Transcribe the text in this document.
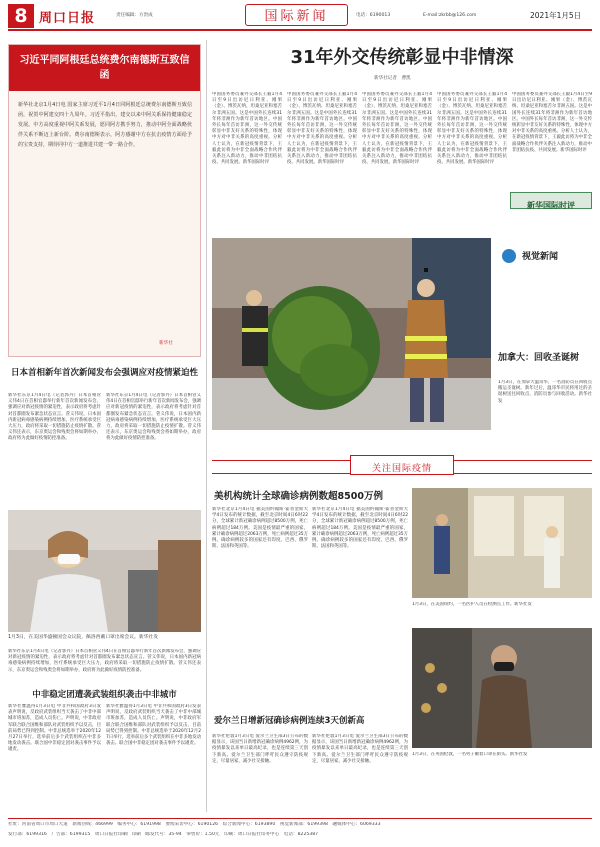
8 周口日报	责任编辑：方贵成	国际新闻	电话：6190013	E-mail:zkrbb@126.com	2021年1月5日
习近平同阿根廷总统费尔南德斯互致信函
新华社北京1月4日电 国家主席习近平1月4日同阿根廷总统费尔南德斯互致信函，祝贺中阿建交四十九周年。习近平指出，建交以来中阿关系保持健康稳定发展。中方高度重视中阿关系发展，愿同阿方携手努力，推动中阿全面战略伙伴关系不断迈上新台阶。费尔南德斯表示，阿方感谢中方在抗击疫情方面给予的宝贵支持，期待同中方一道推进共建一带一路合作。
新华社
日本首相新年首次新闻发布会强调应对疫情紧迫性
新华社东京1月4日电（记者郭丹）日本首相菅义伟4日在首相官邸举行新年首次新闻发布会，强调应对新冠疫情的紧迫性，表示政府将考虑针对首都圈发布紧急状态宣言。菅义伟说，日本国内新冠病毒感染病例持续增加，医疗系统承受巨大压力，政府将采取一切措施防止疫情扩散。菅义伟还表示，东京奥运会和残奥会将如期举办，政府将为此做好疫情防控准备。
新华社东京1月4日电（记者郭丹）日本首相菅义伟4日在首相官邸举行新年首次新闻发布会，强调应对新冠疫情的紧迫性，表示政府将考虑针对首都圈发布紧急状态宣言。菅义伟说，日本国内新冠病毒感染病例持续增加，医疗系统承受巨大压力，政府将采取一切措施防止疫情扩散。菅义伟还表示，东京奥运会和残奥会将如期举办，政府将为此做好疫情防控准备。
1月3日，在美国华盛顿国会众议院，佩洛西戴口罩出席会议。新华社发
新华社东京1月4日电（记者郭丹）日本首相菅义伟4日在首相官邸举行新年首次新闻发布会，强调应对新冠疫情的紧迫性，表示政府将考虑针对首都圈发布紧急状态宣言。菅义伟说，日本国内新冠病毒感染病例持续增加，医疗系统承受巨大压力，政府将采取一切措施防止疫情扩散。菅义伟还表示，东京奥运会和残奥会将如期举办，政府将为此做好疫情防控准备。
中非稳定团遭袭武装组织袭击中非城市
新华社雅温得1月3日电 中非共和国政府3日发表声明说，反政府武装组织当天袭击了中非中部城市班加苏，造成人员伤亡。声明说，中非政府军联合联合国维和部队对武装组织予以反击，目前局势已得到控制。中非总统选举于2020年12月27日举行，选举前后多个武装组织在中非多地发动袭击。联合国中非稳定团对袭击事件予以谴责。
新华社雅温得1月3日电 中非共和国政府3日发表声明说，反政府武装组织当天袭击了中非中部城市班加苏，造成人员伤亡。声明说，中非政府军联合联合国维和部队对武装组织予以反击，目前局势已得到控制。中非总统选举于2020年12月27日举行，选举前后多个武装组织在中非多地发动袭击。联合国中非稳定团对袭击事件予以谴责。
31年外交传统彰显中非情深
新华社记者　曹凯
中国国务委员兼外交部长王毅1月4日至9日出访尼日利亚、刚果（金）、博茨瓦纳、坦桑尼亚和塞舌尔非洲五国。这是中国外长连续31年将非洲作为新年首访地区。中国外长每年首访非洲，这一外交传统彰显中非友好关系的特殊性，体现中方对中非关系的高度重视。分析人士认为，在新冠疫情背景下，王毅此访将为中非全面战略合作伙伴关系注入新动力，推动中非团结抗疫、共同发展。新华国际时评
中国国务委员兼外交部长王毅1月4日至9日出访尼日利亚、刚果（金）、博茨瓦纳、坦桑尼亚和塞舌尔非洲五国。这是中国外长连续31年将非洲作为新年首访地区。中国外长每年首访非洲，这一外交传统彰显中非友好关系的特殊性，体现中方对中非关系的高度重视。分析人士认为，在新冠疫情背景下，王毅此访将为中非全面战略合作伙伴关系注入新动力，推动中非团结抗疫、共同发展。新华国际时评
中国国务委员兼外交部长王毅1月4日至9日出访尼日利亚、刚果（金）、博茨瓦纳、坦桑尼亚和塞舌尔非洲五国。这是中国外长连续31年将非洲作为新年首访地区。中国外长每年首访非洲，这一外交传统彰显中非友好关系的特殊性，体现中方对中非关系的高度重视。分析人士认为，在新冠疫情背景下，王毅此访将为中非全面战略合作伙伴关系注入新动力，推动中非团结抗疫、共同发展。新华国际时评
中国国务委员兼外交部长王毅1月4日至9日出访尼日利亚、刚果（金）、博茨瓦纳、坦桑尼亚和塞舌尔非洲五国。这是中国外长连续31年将非洲作为新年首访地区。中国外长每年首访非洲，这一外交传统彰显中非友好关系的特殊性，体现中方对中非关系的高度重视。分析人士认为，在新冠疫情背景下，王毅此访将为中非全面战略合作伙伴关系注入新动力，推动中非团结抗疫、共同发展。新华国际时评
中国国务委员兼外交部长王毅1月4日至9日出访尼日利亚、刚果（金）、博茨瓦纳、坦桑尼亚和塞舌尔非洲五国。这是中国外长连续31年将非洲作为新年首访地区。中国外长每年首访非洲，这一外交传统彰显中非友好关系的特殊性，体现中方对中非关系的高度重视。分析人士认为，在新冠疫情背景下，王毅此访将为中非全面战略合作伙伴关系注入新动力，推动中非团结抗疫、共同发展。新华国际时评
新华国际时评
视觉新闻
加拿大：回收圣诞树
1月3日，在加拿大温哥华，一名消防员在回收点搬运圣诞树。新年过后，温哥华市民将用过的圣诞树送往回收点，消防员参与回收活动。新华社发
关注国际疫情
美机构统计全球确诊病例数超8500万例
新华社北京1月4日电 据美国约翰斯·霍普金斯大学4日发布的统计数据，截至北京时间4日6时22分，全球累计新冠确诊病例超过8500万例，死亡病例超过184万例。美国是疫情最严重的国家，累计确诊病例超过2063万例，死亡病例超过35万例。确诊病例较多的国家还有印度、巴西、俄罗斯、法国和英国等。
新华社北京1月4日电 据美国约翰斯·霍普金斯大学4日发布的统计数据，截至北京时间4日6时22分，全球累计新冠确诊病例超过8500万例，死亡病例超过184万例。美国是疫情最严重的国家，累计确诊病例超过2063万例，死亡病例超过35万例。确诊病例较多的国家还有印度、巴西、俄罗斯、法国和英国等。
爱尔兰日增新冠确诊病例连续3天创新高
新华社伦敦1月3日电 爱尔兰卫生部3日公布的数据显示，该国当日新增新冠确诊病例4962例，为疫情暴发以来单日最高纪录，也是连续第三天创下新高。爱尔兰卫生部门呼吁民众遵守防疫规定，尽量居家，减少社交接触。
新华社伦敦1月3日电 爱尔兰卫生部3日公布的数据显示，该国当日新增新冠确诊病例4962例，为疫情暴发以来单日最高纪录，也是连续第三天创下新高。爱尔兰卫生部门呼吁民众遵守防疫规定，尽量居家，减少社交接触。
1月3日，在美国纽约，一名医护人员在检测点工作。新华社发
1月3日，在英国伦敦，一名男子戴着口罩在街头。新华社发
社址：河南省周口市周口大道　新闻热线：466999　编务中心：6191998　要闻采访中心：6190126　综合新闻中心：6193890　视觉新闻部：6199398　融媒体中心：6069333
发行部：6199316　广告部：6199315　周口日报社印刷厂印刷　邮发代号：35-94　零售价：1.50元　印刷：周口日报社印务中心　电话：8225387
